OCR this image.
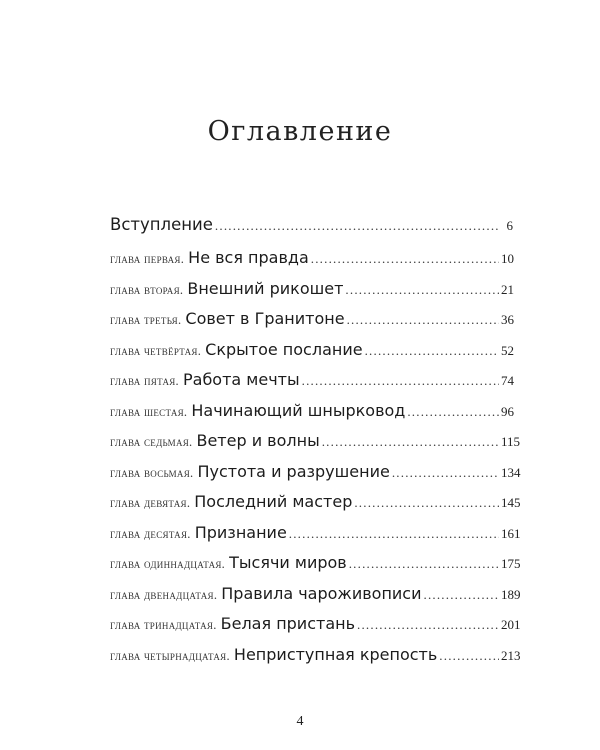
Оглавление
Вступление .....	6
глава первая. Не вся правда .....	10
глава вторая. Внешний рикошет .....	21
глава третья. Совет в Гранитоне .....	36
глава четвёртая. Скрытое послание .....	52
глава пятая. Работа мечты .....	74
глава шестая. Начинающий шнырковод .....	96
глава седьмая. Ветер и волны .....	115
глава восьмая. Пустота и разрушение .....	134
глава девятая. Последний мастер .....	145
глава десятая. Признание .....	161
глава одиннадцатая. Тысячи миров .....	175
глава двенадцатая. Правила чароживописи .....	189
глава тринадцатая. Белая пристань .....	201
глава четырнадцатая. Неприступная крепость .....	213
4
